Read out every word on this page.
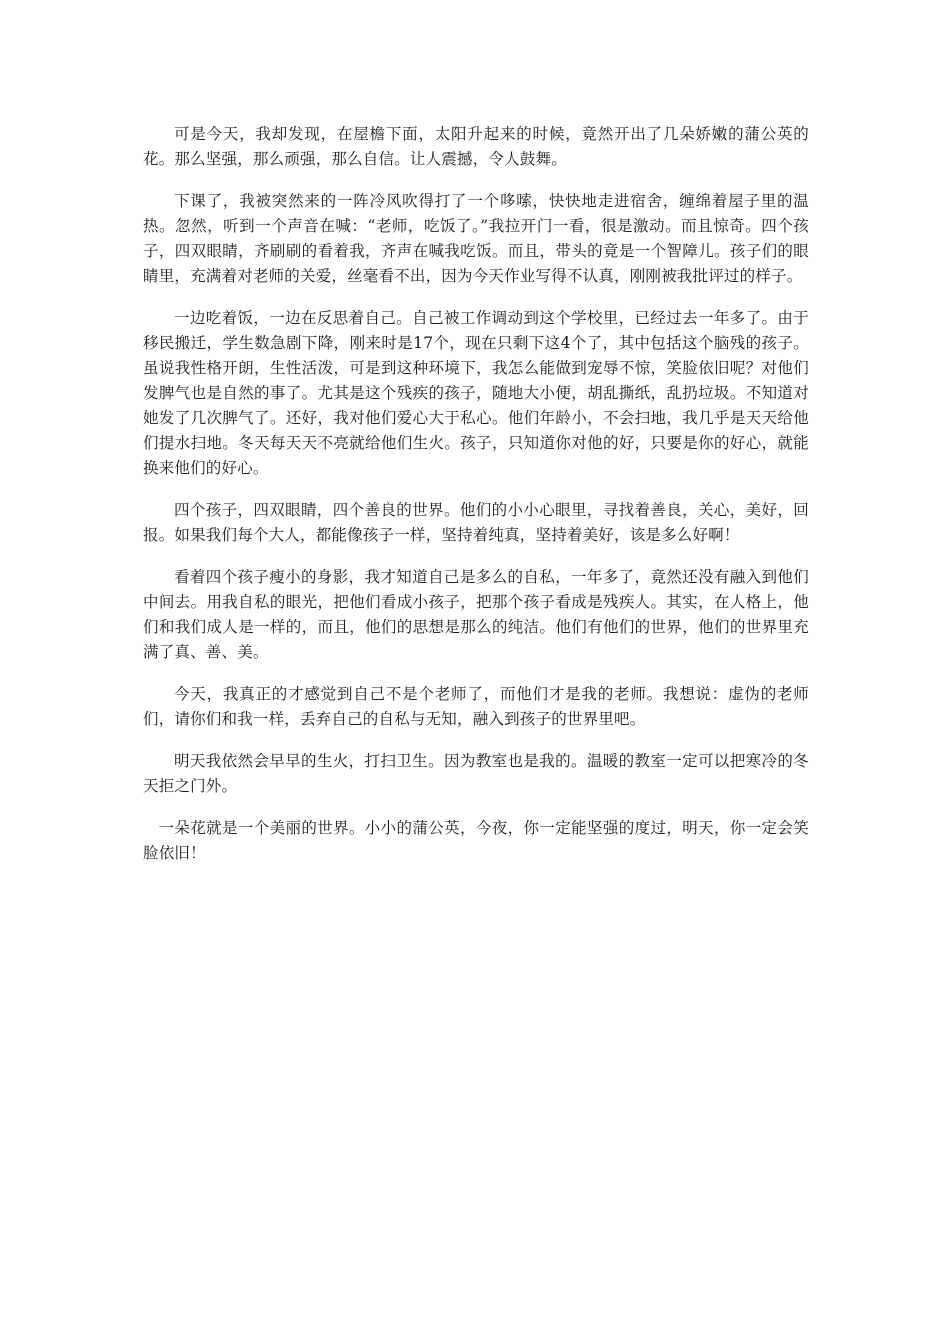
可是今天，我却发现，在屋檐下面，太阳升起来的时候，竟然开出了几朵娇嫩的蒲公英的花。那么坚强，那么顽强，那么自信。让人震撼，令人鼓舞。

下课了，我被突然来的一阵冷风吹得打了一个哆嗦，快快地走进宿舍，缠绵着屋子里的温热。忽然，听到一个声音在喊：“老师，吃饭了。”我拉开门一看，很是激动。而且惊奇。四个孩子，四双眼睛，齐刷刷的看着我，齐声在喊我吃饭。而且，带头的竟是一个智障儿。孩子们的眼睛里，充满着对老师的关爱，丝毫看不出，因为今天作业写得不认真，刚刚被我批评过的样子。

一边吃着饭，一边在反思着自己。自己被工作调动到这个学校里，已经过去一年多了。由于移民搬迁，学生数急剧下降，刚来时是17个，现在只剩下这4个了，其中包括这个脑残的孩子。虽说我性格开朗，生性活泼，可是到这种环境下，我怎么能做到宠辱不惊，笑脸依旧呢？对他们发脾气也是自然的事了。尤其是这个残疾的孩子，随地大小便，胡乱撕纸，乱扔垃圾。不知道对她发了几次脾气了。还好，我对他们爱心大于私心。他们年龄小，不会扫地，我几乎是天天给他们提水扫地。冬天每天天不亮就给他们生火。孩子，只知道你对他的好，只要是你的好心，就能换来他们的好心。

四个孩子，四双眼睛，四个善良的世界。他们的小小心眼里，寻找着善良，关心，美好，回报。如果我们每个大人，都能像孩子一样，坚持着纯真，坚持着美好，该是多么好啊！

看着四个孩子瘦小的身影，我才知道自己是多么的自私，一年多了，竟然还没有融入到他们中间去。用我自私的眼光，把他们看成小孩子，把那个孩子看成是残疾人。其实，在人格上，他们和我们成人是一样的，而且，他们的思想是那么的纯洁。他们有他们的世界，他们的世界里充满了真、善、美。

今天，我真正的才感觉到自己不是个老师了，而他们才是我的老师。我想说：虚伪的老师们，请你们和我一样，丢弃自己的自私与无知，融入到孩子的世界里吧。

明天我依然会早早的生火，打扫卫生。因为教室也是我的。温暖的教室一定可以把寒冷的冬天拒之门外。

一朵花就是一个美丽的世界。小小的蒲公英，今夜，你一定能坚强的度过，明天，你一定会笑脸依旧！
